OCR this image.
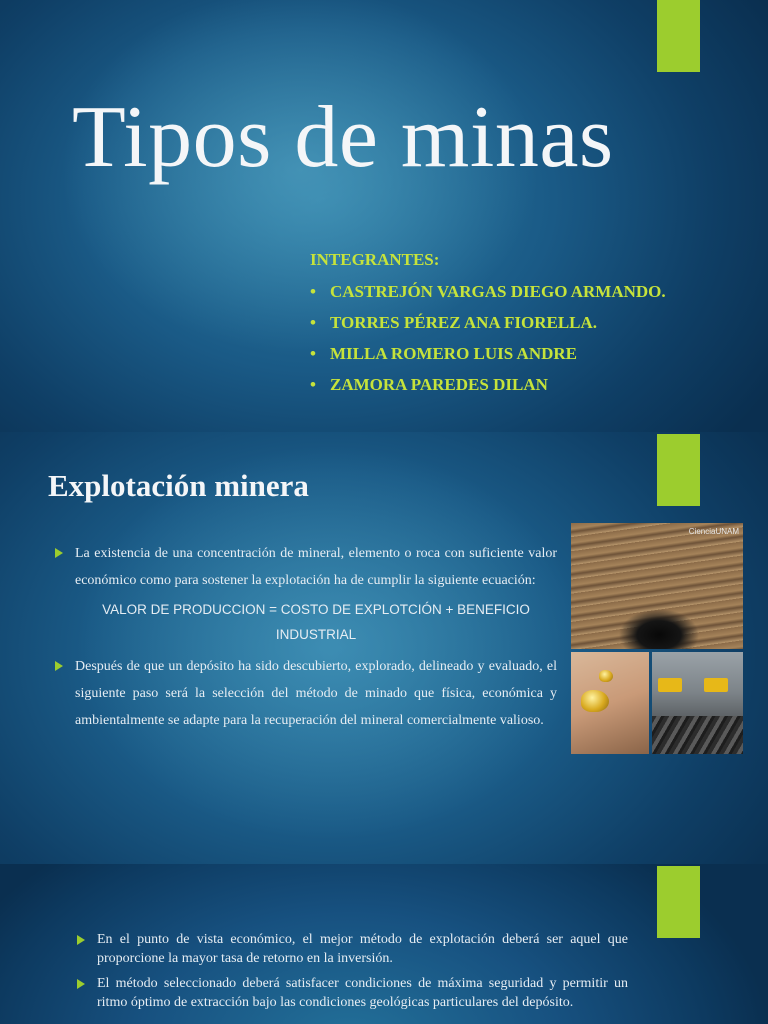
Tipos de minas
INTEGRANTES:
• CASTREJÓN VARGAS DIEGO ARMANDO.
• TORRES PÉREZ ANA FIORELLA.
• MILLA ROMERO LUIS ANDRE
• ZAMORA PAREDES DILAN
Explotación minera
La existencia de una concentración de mineral, elemento o roca con suficiente valor económico como para sostener la explotación ha de cumplir la siguiente ecuación:
VALOR DE PRODUCCION = COSTO DE EXPLOTCIÓN + BENEFICIO INDUSTRIAL
Después de que un depósito ha sido descubierto, explorado, delineado y evaluado, el siguiente paso será la selección del método de minado que física, económica y ambientalmente se adapte para la recuperación del mineral comercialmente valioso.
CienciaUNAM
En el punto de vista económico, el mejor método de explotación deberá ser aquel que proporcione la mayor tasa de retorno en la inversión.
El método seleccionado deberá satisfacer condiciones de máxima seguridad y permitir un ritmo óptimo de extracción bajo las condiciones geológicas particulares del depósito.
